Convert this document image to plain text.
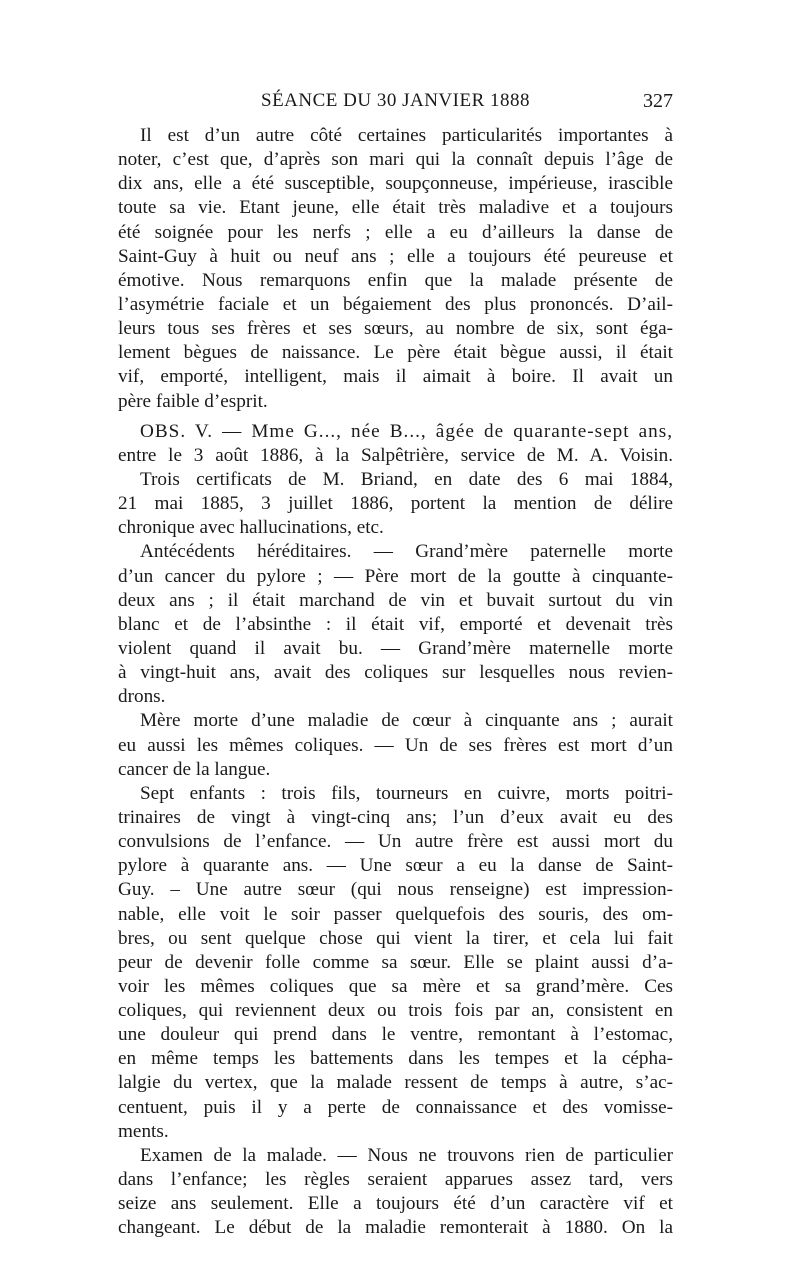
SÉANCE DU 30 JANVIER 1888	327
Il est d’un autre côté certaines particularités importantes à
noter, c’est que, d’après son mari qui la connaît depuis l’âge de
dix ans, elle a été susceptible, soupçonneuse, impérieuse, irascible
toute sa vie. Etant jeune, elle était très maladive et a toujours
été soignée pour les nerfs ; elle a eu d’ailleurs la danse de
Saint-Guy à huit ou neuf ans ; elle a toujours été peureuse et
émotive. Nous remarquons enfin que la malade présente de
l’asymétrie faciale et un bégaiement des plus prononcés. D’ail-
leurs tous ses frères et ses sœurs, au nombre de six, sont éga-
lement bègues de naissance. Le père était bègue aussi, il était
vif, emporté, intelligent, mais il aimait à boire. Il avait un
père faible d’esprit.
OBS. V. — Mme G..., née B..., âgée de quarante-sept ans,
entre le 3 août 1886, à la Salpêtrière, service de M. A. Voisin.
Trois certificats de M. Briand, en date des 6 mai 1884,
21 mai 1885, 3 juillet 1886, portent la mention de délire
chronique avec hallucinations, etc.
Antécédents héréditaires. — Grand’mère paternelle morte
d’un cancer du pylore ; — Père mort de la goutte à cinquante-
deux ans ; il était marchand de vin et buvait surtout du vin
blanc et de l’absinthe : il était vif, emporté et devenait très
violent quand il avait bu. — Grand’mère maternelle morte
à vingt-huit ans, avait des coliques sur lesquelles nous revien-
drons.
Mère morte d’une maladie de cœur à cinquante ans ; aurait
eu aussi les mêmes coliques. — Un de ses frères est mort d’un
cancer de la langue.
Sept enfants : trois fils, tourneurs en cuivre, morts poitri-
trinaires de vingt à vingt-cinq ans; l’un d’eux avait eu des
convulsions de l’enfance. — Un autre frère est aussi mort du
pylore à quarante ans. — Une sœur a eu la danse de Saint-
Guy. – Une autre sœur (qui nous renseigne) est impression-
nable, elle voit le soir passer quelquefois des souris, des om-
bres, ou sent quelque chose qui vient la tirer, et cela lui fait
peur de devenir folle comme sa sœur. Elle se plaint aussi d’a-
voir les mêmes coliques que sa mère et sa grand’mère. Ces
coliques, qui reviennent deux ou trois fois par an, consistent en
une douleur qui prend dans le ventre, remontant à l’estomac,
en même temps les battements dans les tempes et la cépha-
lalgie du vertex, que la malade ressent de temps à autre, s’ac-
centuent, puis il y a perte de connaissance et des vomisse-
ments.
Examen de la malade. — Nous ne trouvons rien de particulier
dans l’enfance; les règles seraient apparues assez tard, vers
seize ans seulement. Elle a toujours été d’un caractère vif et
changeant. Le début de la maladie remonterait à 1880. On la
